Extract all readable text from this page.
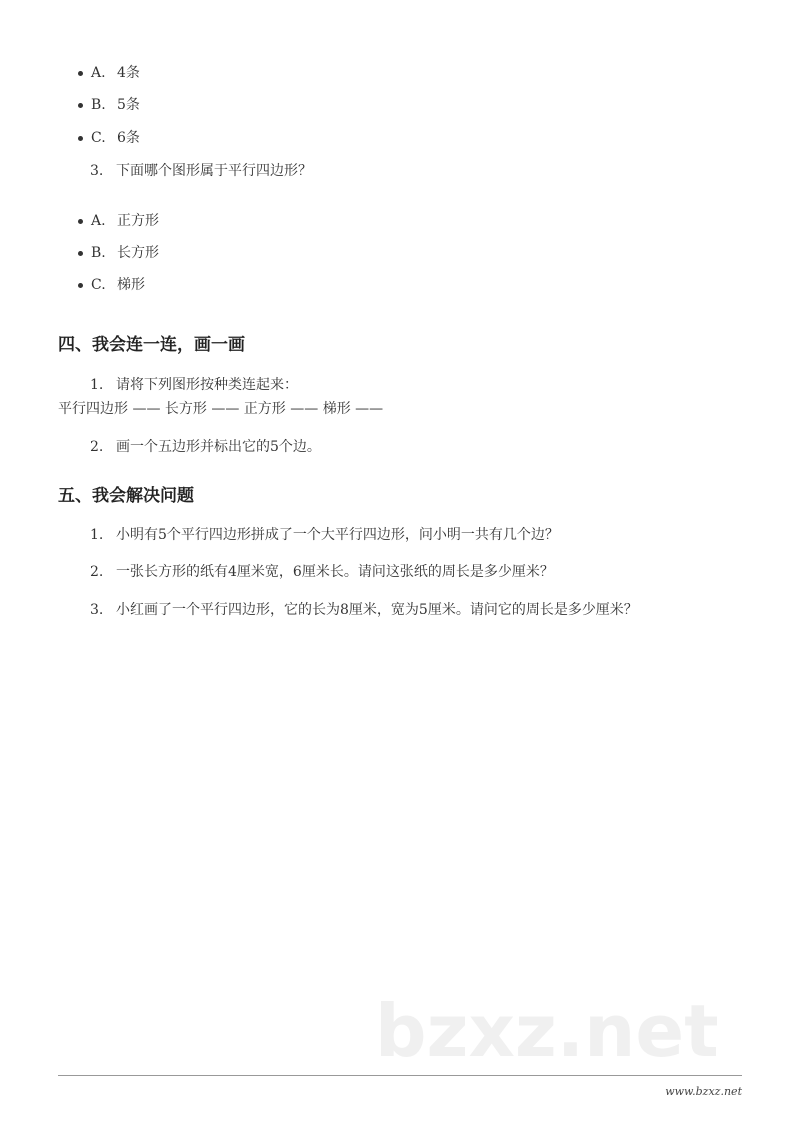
A. 4条
B. 5条
C. 6条
3. 下面哪个图形属于平行四边形？
A. 正方形
B. 长方形
C. 梯形
四、我会连一连，画一画
1. 请将下列图形按种类连起来：
平行四边形 —— 长方形 —— 正方形 —— 梯形 ——
2. 画一个五边形并标出它的5个边。
五、我会解决问题
1. 小明有5个平行四边形拼成了一个大平行四边形，问小明一共有几个边？
2. 一张长方形的纸有4厘米宽，6厘米长。请问这张纸的周长是多少厘米？
3. 小红画了一个平行四边形，它的长为8厘米，宽为5厘米。请问它的周长是多少厘米？
bzxz.net
www.bzxz.net
